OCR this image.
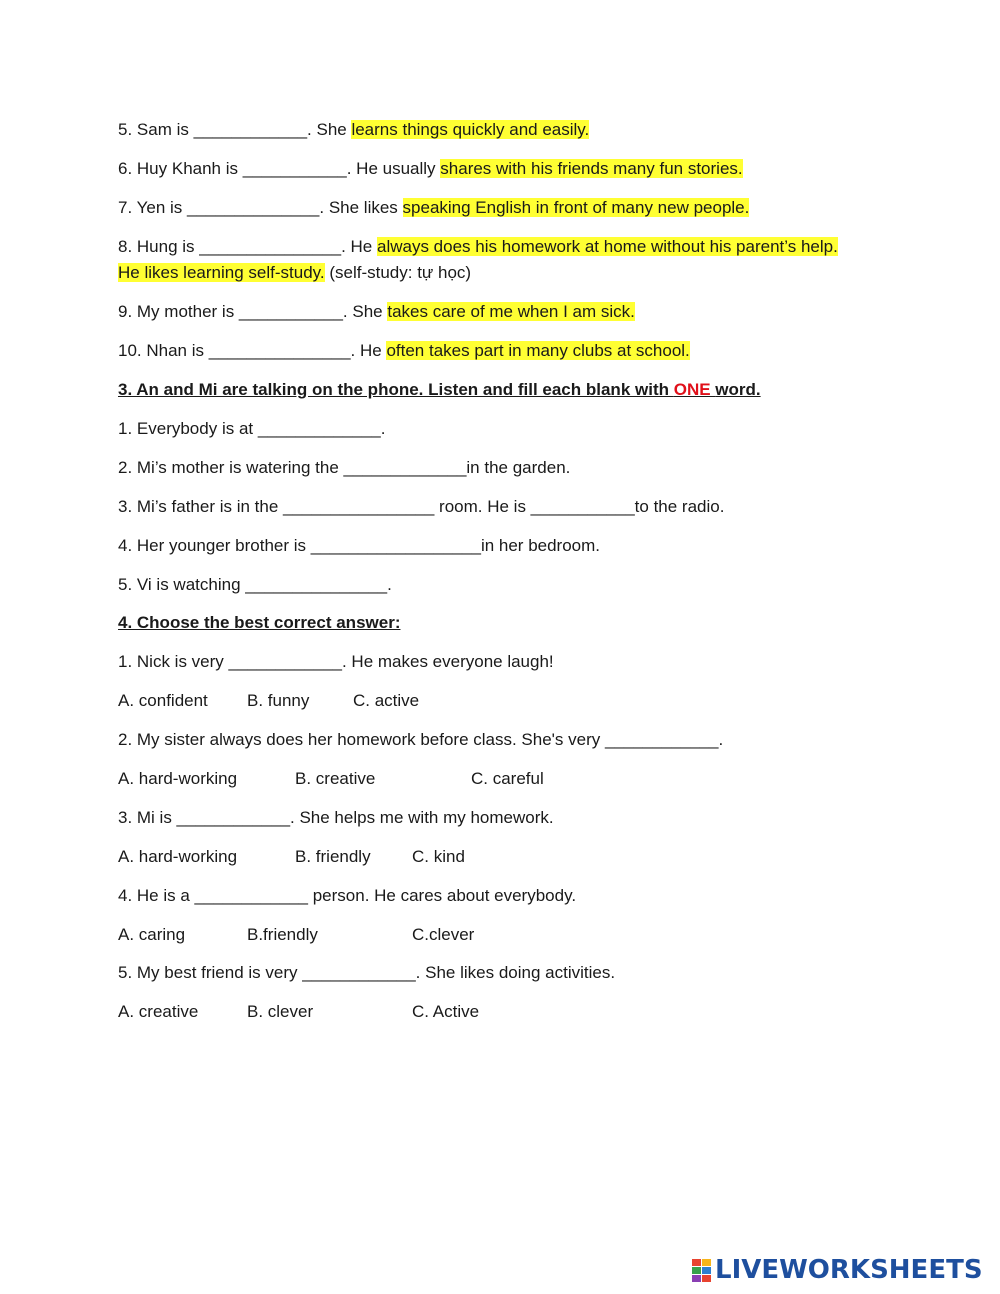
5. Sam is ____________. She learns things quickly and easily.
6. Huy Khanh is ___________. He usually shares with his friends many fun stories.
7. Yen is ______________. She likes speaking English in front of many new people.
8. Hung is _______________. He always does his homework at home without his parent’s help.
He likes learning self-study. (self-study: tự học)
9. My mother is ___________. She takes care of me when I am sick.
10. Nhan is _______________. He often takes part in many clubs at school.
3. An and Mi are talking on the phone. Listen and fill each blank with ONE word.
1. Everybody is at _____________.
2. Mi’s mother is watering the _____________in the garden.
3. Mi’s father is in the ________________ room. He is ___________to the radio.
4. Her younger brother is __________________in her bedroom.
5. Vi is watching _______________.
4. Choose the best correct answer:
1. Nick is very ____________. He makes everyone laugh!
A. confident B. funny	C. active
2. My sister always does her homework before class. She's very ____________.
A. hard-working	B. creative	C. careful
3. Mi is ____________. She helps me with my homework.
A. hard-working	B. friendly C. kind
4. He is a ____________ person. He cares about everybody.
A. caring	B.friendly	C.clever
5. My best friend is very ____________. She likes doing activities.
A. creative	B. clever	C. Active
LIVEWORKSHEETS
